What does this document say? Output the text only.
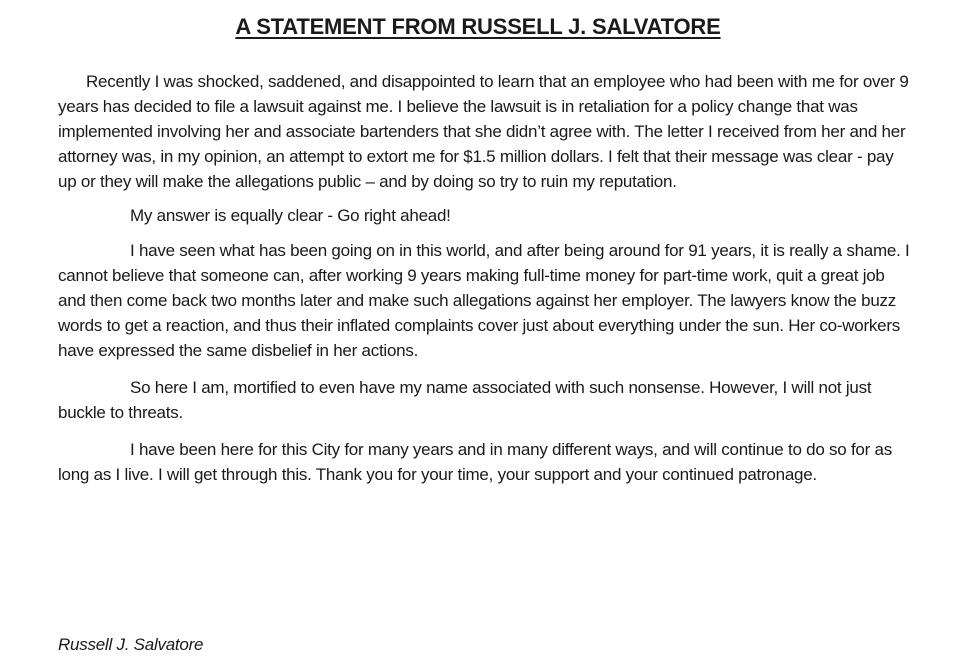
A STATEMENT FROM RUSSELL J. SALVATORE

Recently I was shocked, saddened, and disappointed to learn that an employee who had been with me for over 9 years has decided to file a lawsuit against me. I believe the lawsuit is in retaliation for a policy change that was implemented involving her and associate bartenders that she didn’t agree with. The letter I received from her and her attorney was, in my opinion, an attempt to extort me for $1.5 million dollars. I felt that their message was clear - pay up or they will make the allegations public – and by doing so try to ruin my reputation.

My answer is equally clear - Go right ahead!

I have seen what has been going on in this world, and after being around for 91 years, it is really a shame. I cannot believe that someone can, after working 9 years making full-time money for part-time work, quit a great job and then come back two months later and make such allegations against her employer. The lawyers know the buzz words to get a reaction, and thus their inflated complaints cover just about everything under the sun. Her co-workers have expressed the same disbelief in her actions.

So here I am, mortified to even have my name associated with such nonsense. However, I will not just buckle to threats.

I have been here for this City for many years and in many different ways, and will continue to do so for as long as I live. I will get through this. Thank you for your time, your support and your continued patronage.

Russell J. Salvatore
